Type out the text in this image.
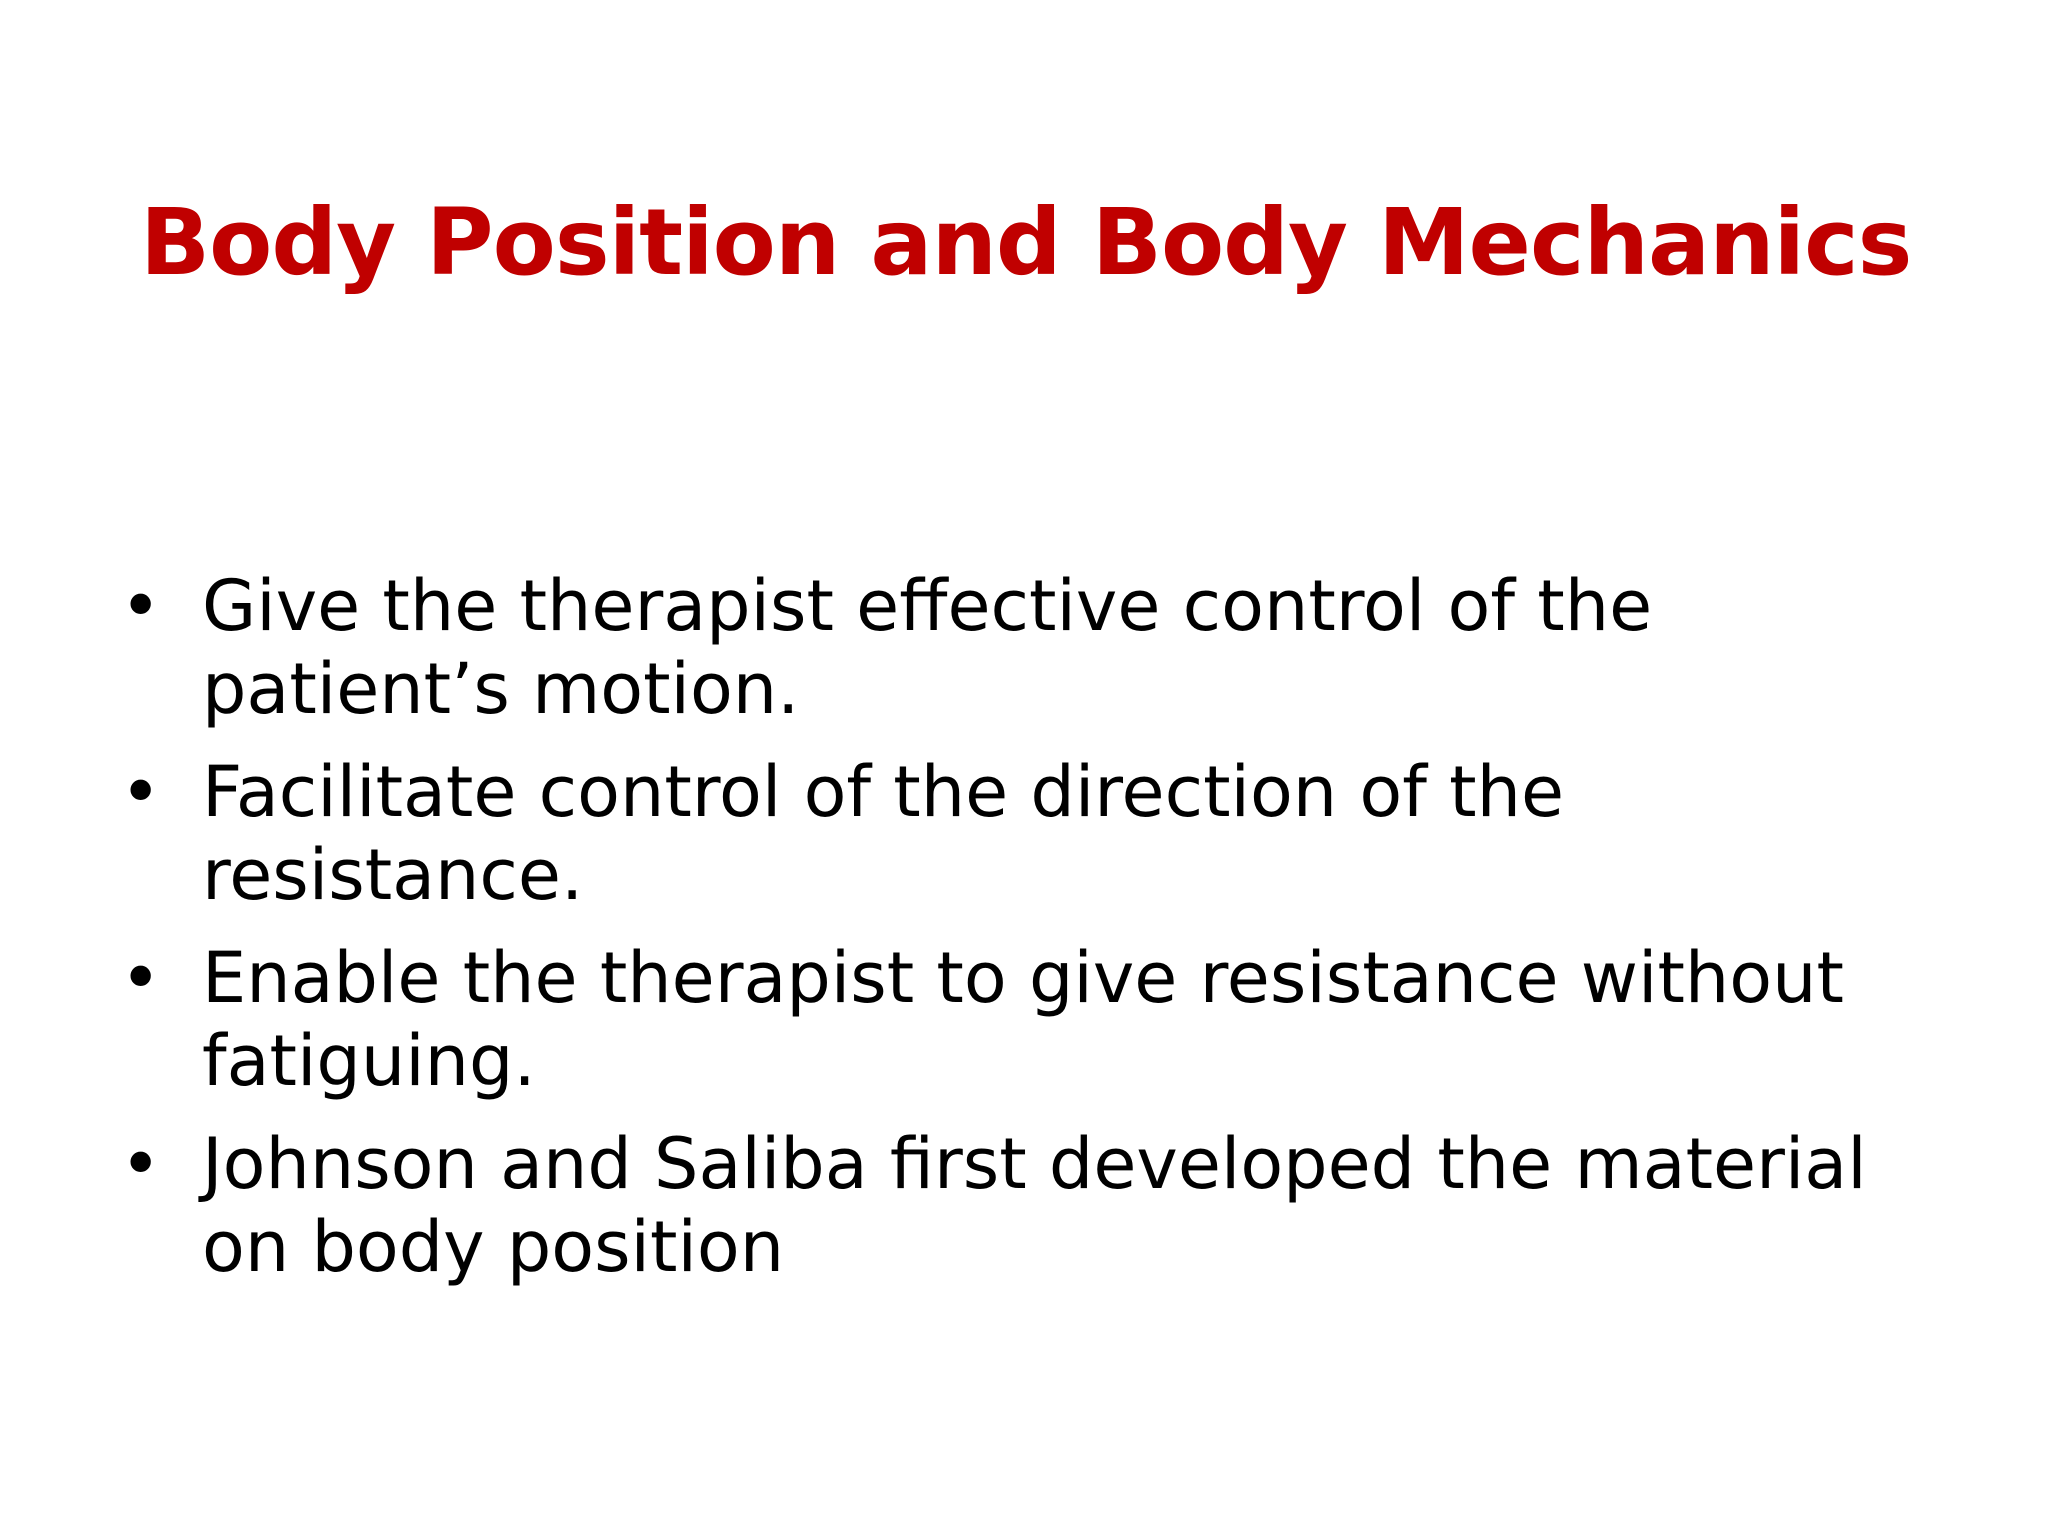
Body Position and Body Mechanics
• Give the therapist effective control of the patient’s motion.
• Facilitate control of the direction of the resistance.
• Enable the therapist to give resistance without fatiguing.
• Johnson and Saliba first developed the material on body position
